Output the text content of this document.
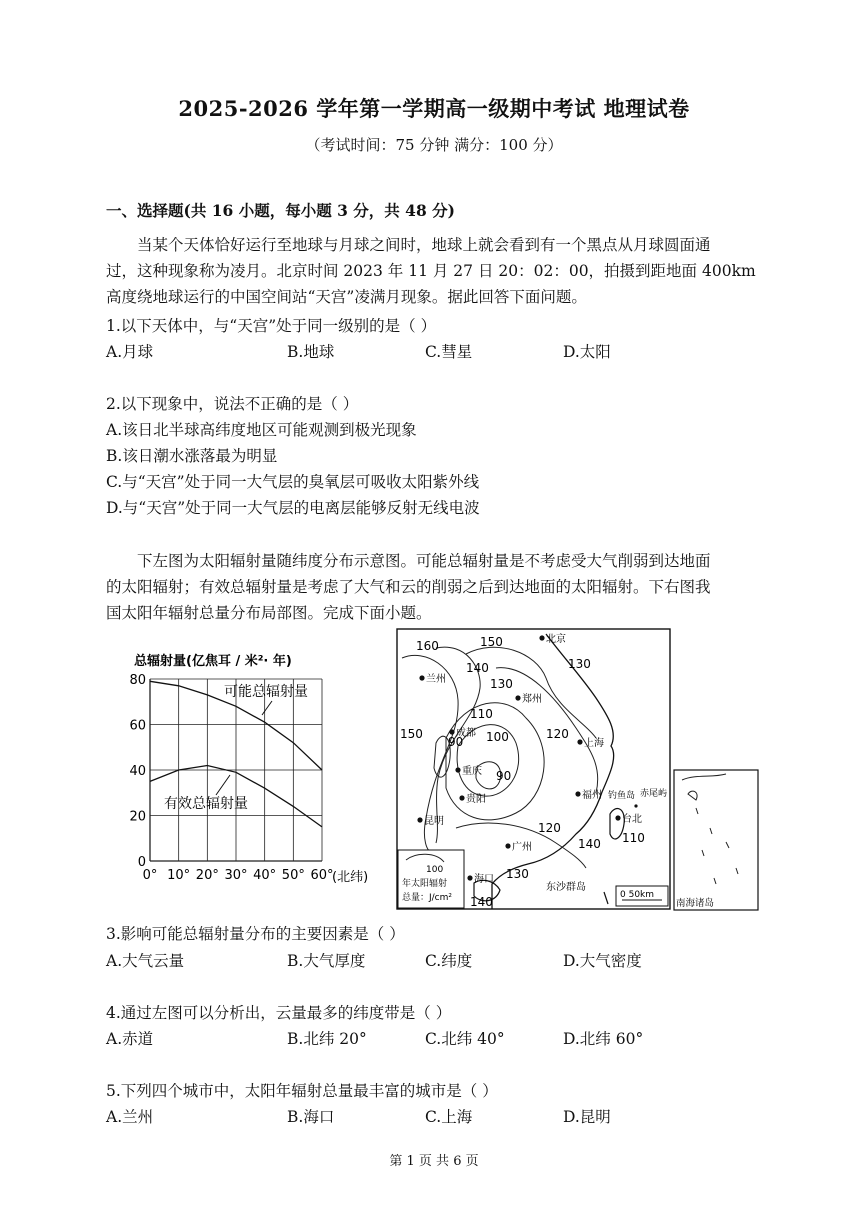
2025-2026 学年第一学期高一级期中考试 地理试卷
（考试时间：75 分钟 满分：100 分）
一、选择题(共 16 小题，每小题 3 分，共 48 分)

当某个天体恰好运行至地球与月球之间时，地球上就会看到有一个黑点从月球圆面通

过，这种现象称为凌月。北京时间 2023 年 11 月 27 日 20：02：00，拍摄到距地面 400km

高度绕地球运行的中国空间站“天宫”凌满月现象。据此回答下面问题。

1.以下天体中，与“天宫”处于同一级别的是（ ）
A.月球	B.地球	C.彗星	D.太阳
2.以下现象中，说法不正确的是（ ）
A.该日北半球高纬度地区可能观测到极光现象
B.该日潮水涨落最为明显
C.与“天宫”处于同一大气层的臭氧层可吸收太阳紫外线
D.与“天宫”处于同一大气层的电离层能够反射无线电波

下左图为太阳辐射量随纬度分布示意图。可能总辐射量是不考虑受大气削弱到达地面

的太阳辐射；有效总辐射量是考虑了大气和云的削弱之后到达地面的太阳辐射。下右图我

国太阳年辐射总量分布局部图。完成下面小题。

总辐射量(亿焦耳 / 米²· 年)
可能总辐射量
有效总辐射量
0
20
40
60
80
0° 10° 20° 30° 40° 50° 60°
(北纬)
160	150
140
130
130
120
110
100
90
90
150
120
140 110
130
140
北京
兰州
郑州
成都
重庆
上海
贵阳	福州
昆明	台北
广州
海口
钓鱼岛 赤尾屿
东沙群岛
100
年太阳辐射
总量：J/cm²	0 50km
南海诸岛
3.影响可能总辐射量分布的主要因素是（ ）
A.大气云量	B.大气厚度	C.纬度	D.大气密度
4.通过左图可以分析出，云量最多的纬度带是（ ）
A.赤道	B.北纬 20°	C.北纬 40°	D.北纬 60°
5.下列四个城市中，太阳年辐射总量最丰富的城市是（ ）
A.兰州	B.海口	C.上海	D.昆明
第 1 页 共 6 页
